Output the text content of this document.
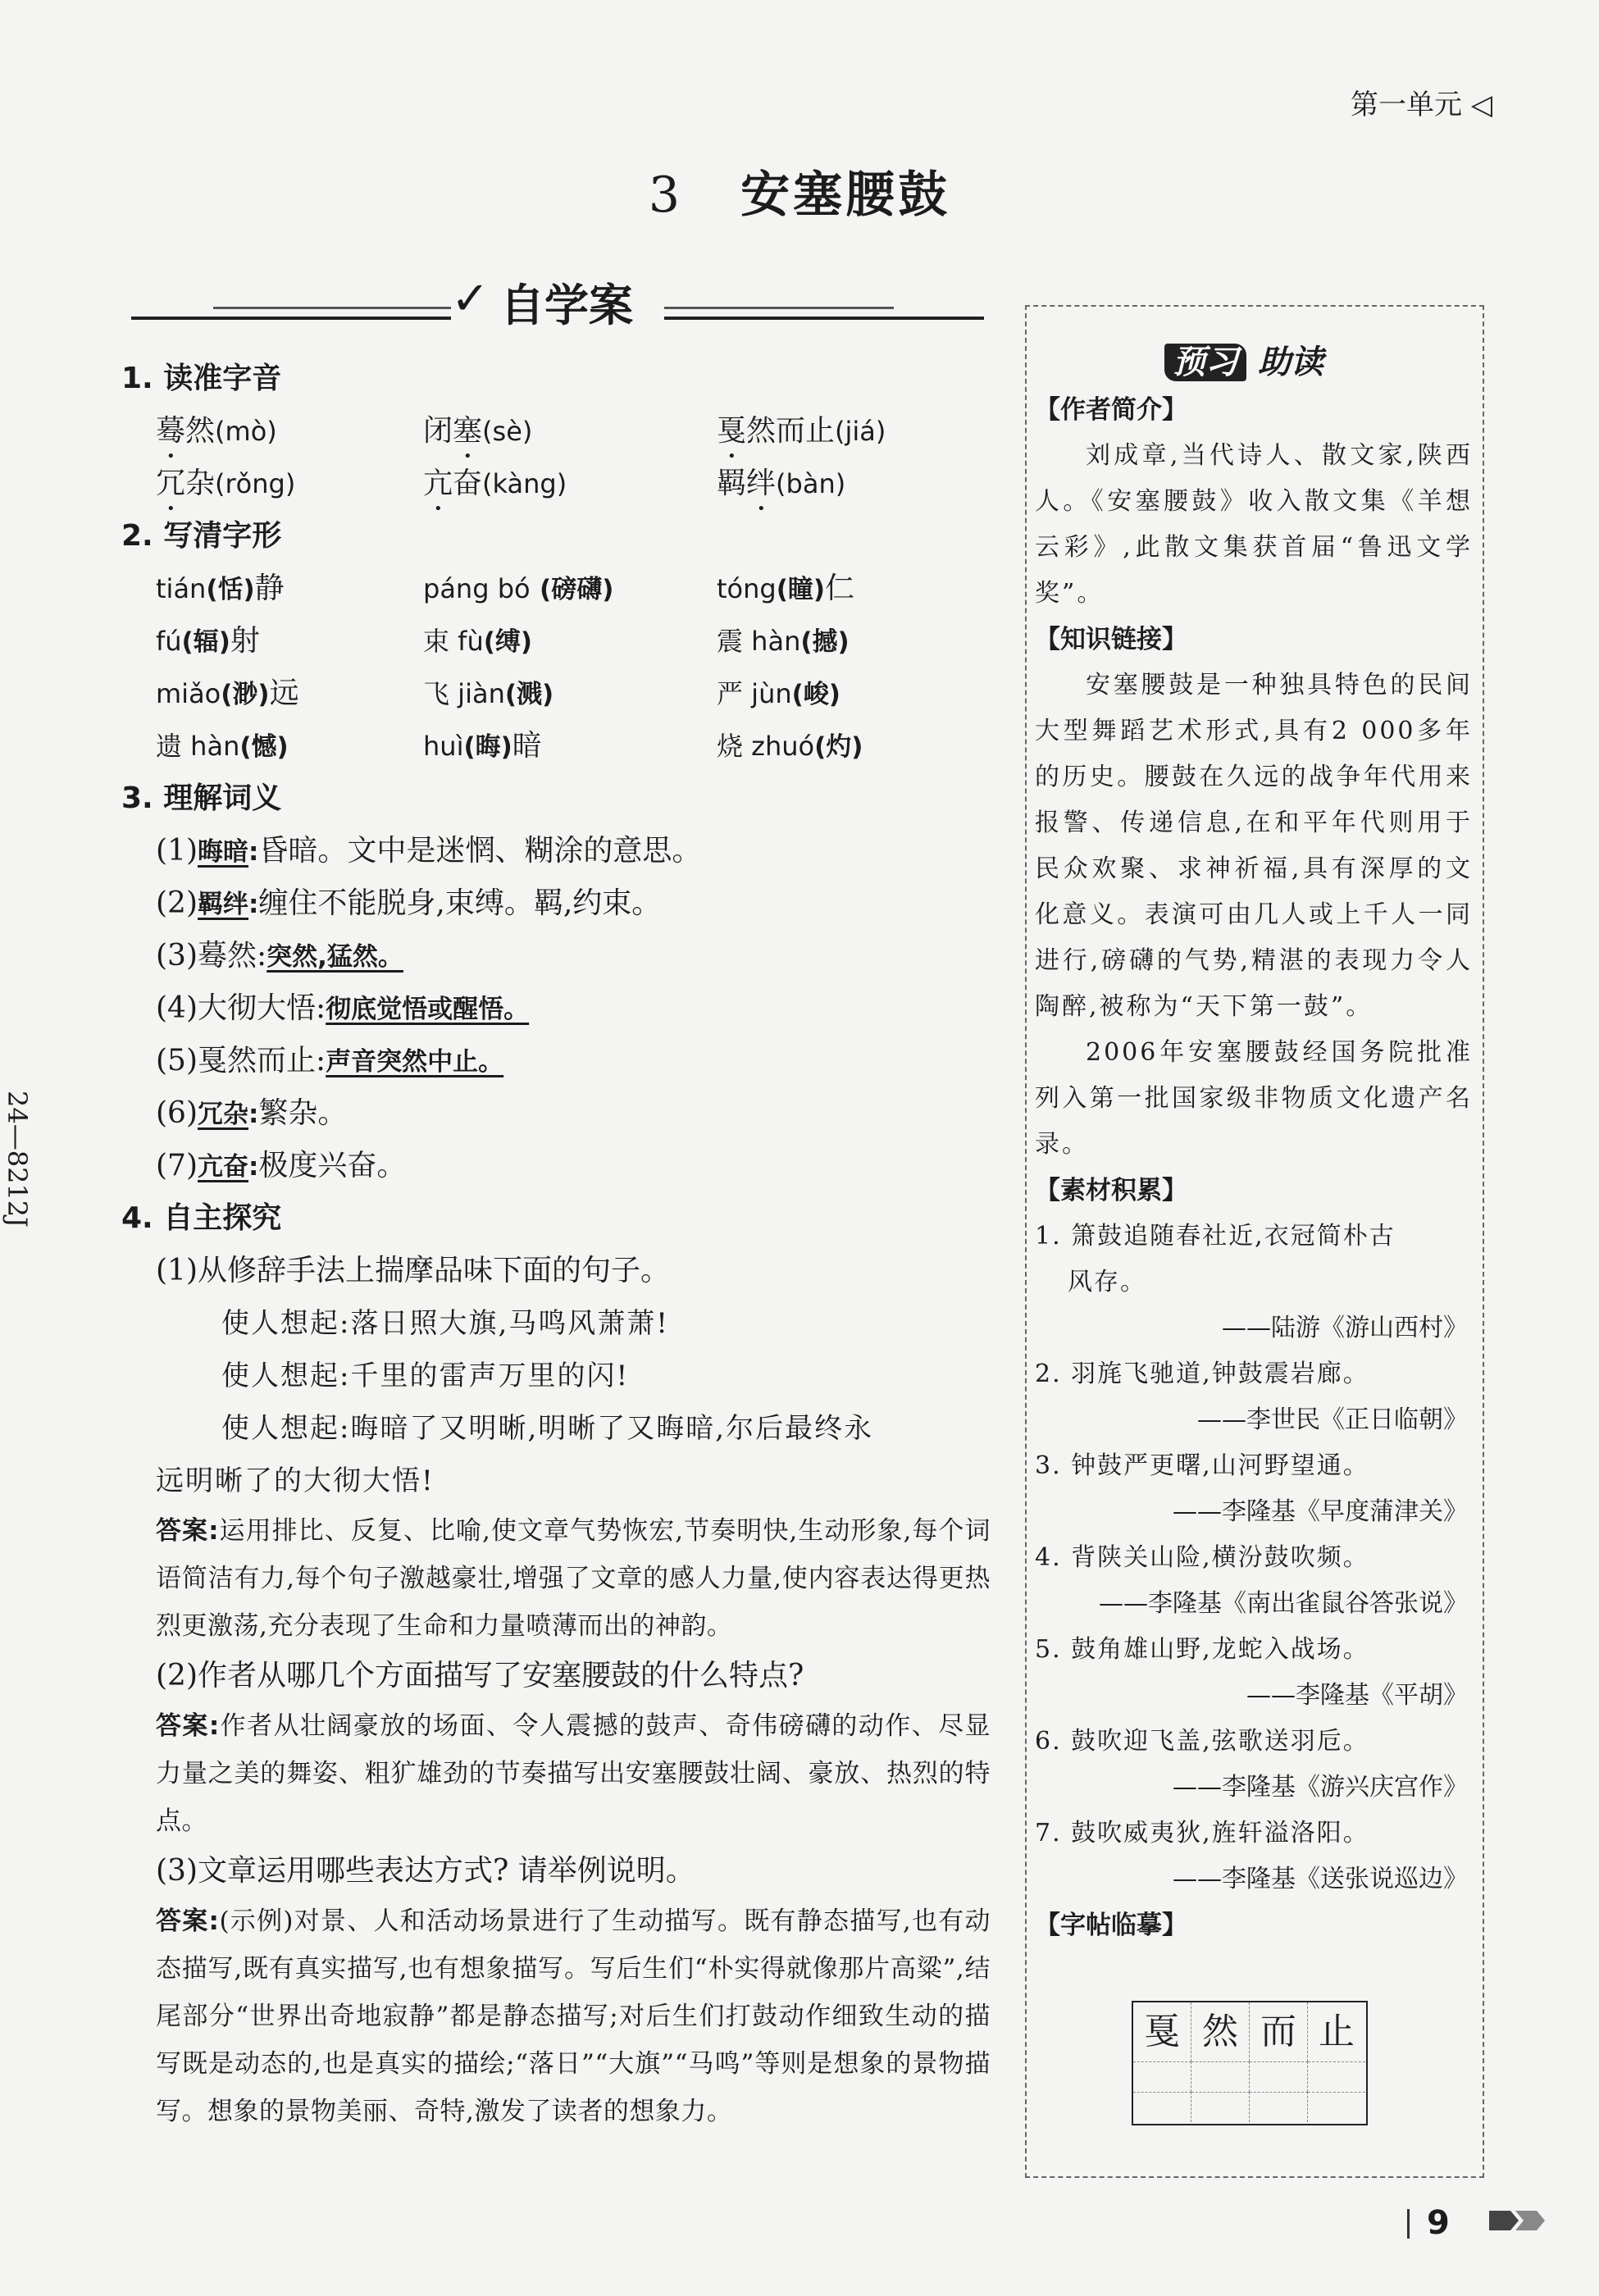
第一单元 ◁
3 安塞腰鼓
✓ 自学案
1. 读准字音
蓦然(mò)	闭塞(sè)	戛然而止(jiá)
冗杂(rǒng)	亢奋(kàng)	羁绊(bàn)
2. 写清字形
tián(恬)静	páng bó (磅礴)	tóng(瞳)仁
fú(辐)射	束 fù(缚)	震 hàn(撼)
miǎo(渺)远	飞 jiàn(溅)	严 jùn(峻)
遗 hàn(憾)	huì(晦)暗	烧 zhuó(灼)
3. 理解词义
(1)晦暗:昏暗。文中是迷惘、糊涂的意思。
(2)羁绊:缠住不能脱身,束缚。羁,约束。
(3)蓦然:突然,猛然。
(4)大彻大悟:彻底觉悟或醒悟。
(5)戛然而止:声音突然中止。
(6)冗杂:繁杂。
(7)亢奋:极度兴奋。
4. 自主探究
(1)从修辞手法上揣摩品味下面的句子。
使人想起:落日照大旗,马鸣风萧萧!
使人想起:千里的雷声万里的闪!
使人想起:晦暗了又明晰,明晰了又晦暗,尔后最终永
远明晰了的大彻大悟!
答案:运用排比、反复、比喻,使文章气势恢宏,节奏明快,生动形象,每个词语简洁有力,每个句子激越豪壮,增强了文章的感人力量,使内容表达得更热烈更激荡,充分表现了生命和力量喷薄而出的神韵。
(2)作者从哪几个方面描写了安塞腰鼓的什么特点?
答案:作者从壮阔豪放的场面、令人震撼的鼓声、奇伟磅礴的动作、尽显力量之美的舞姿、粗犷雄劲的节奏描写出安塞腰鼓壮阔、豪放、热烈的特点。
(3)文章运用哪些表达方式? 请举例说明。
答案:(示例)对景、人和活动场景进行了生动描写。既有静态描写,也有动态描写,既有真实描写,也有想象描写。写后生们“朴实得就像那片高粱”,结尾部分“世界出奇地寂静”都是静态描写;对后生们打鼓动作细致生动的描写既是动态的,也是真实的描绘;“落日”“大旗”“马鸣”等则是想象的景物描写。想象的景物美丽、奇特,激发了读者的想象力。
预习 助读
【作者简介】
刘成章,当代诗人、散文家,陕西人。《安塞腰鼓》收入散文集《羊想云彩》,此散文集获首届“鲁迅文学奖”。
【知识链接】
安塞腰鼓是一种独具特色的民间大型舞蹈艺术形式,具有2 000多年的历史。腰鼓在久远的战争年代用来报警、传递信息,在和平年代则用于民众欢聚、求神祈福,具有深厚的文化意义。表演可由几人或上千人一同进行,磅礴的气势,精湛的表现力令人陶醉,被称为“天下第一鼓”。
2006年安塞腰鼓经国务院批准列入第一批国家级非物质文化遗产名录。
【素材积累】
1. 箫鼓追随春社近,衣冠简朴古
风存。
——陆游《游山西村》
2. 羽旄飞驰道,钟鼓震岩廊。
——李世民《正日临朝》
3. 钟鼓严更曙,山河野望通。
——李隆基《早度蒲津关》
4. 背陕关山险,横汾鼓吹频。
——李隆基《南出雀鼠谷答张说》
5. 鼓角雄山野,龙蛇入战场。
——李隆基《平胡》
6. 鼓吹迎飞盖,弦歌送羽卮。
——李隆基《游兴庆宫作》
7. 鼓吹威夷狄,旌轩溢洛阳。
——李隆基《送张说巡边》
【字帖临摹】
戛 然 而 止
24—8212J
9
